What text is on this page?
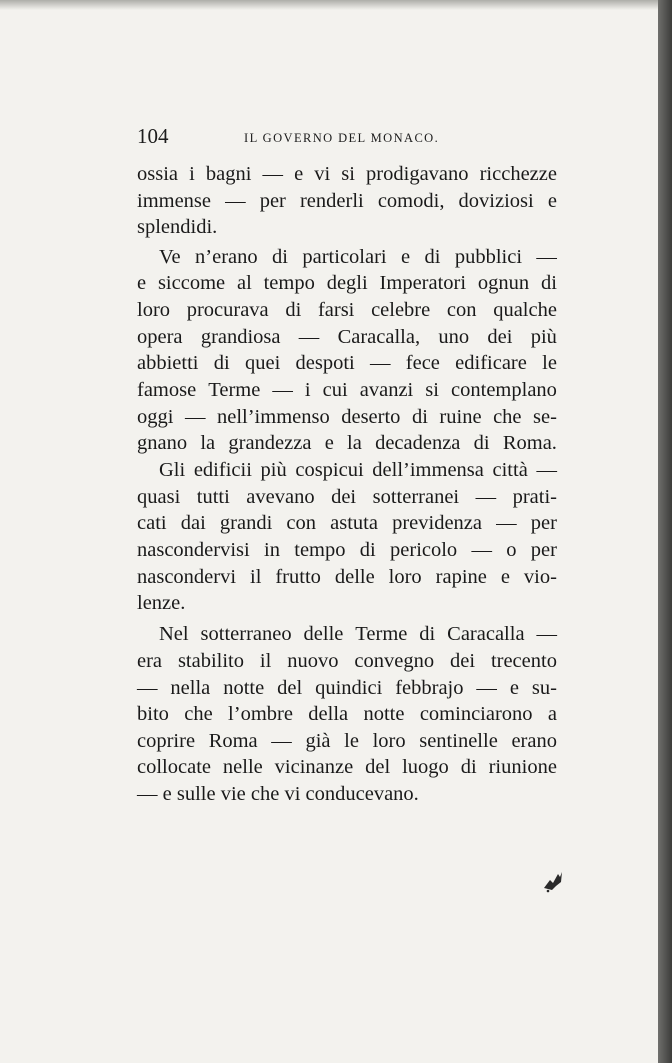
104	IL GOVERNO DEL MONACO.
ossia i bagni — e vi si prodigavano ricchezze
immense — per renderli comodi, doviziosi e
splendidi.
Ve n’erano di particolari e di pubblici —
e siccome al tempo degli Imperatori ognun di
loro procurava di farsi celebre con qualche
opera grandiosa — Caracalla, uno dei più
abbietti di quei despoti — fece edificare le
famose Terme — i cui avanzi si contemplano
oggi — nell’immenso deserto di ruine che se-
gnano la grandezza e la decadenza di Roma.
Gli edificii più cospicui dell’immensa città —
quasi tutti avevano dei sotterranei — prati-
cati dai grandi con astuta previdenza — per
nascondervisi in tempo di pericolo — o per
nascondervi il frutto delle loro rapine e vio-
lenze.
Nel sotterraneo delle Terme di Caracalla —
era stabilito il nuovo convegno dei trecento
— nella notte del quindici febbrajo — e su-
bito che l’ombre della notte cominciarono a
coprire Roma — già le loro sentinelle erano
collocate nelle vicinanze del luogo di riunione
— e sulle vie che vi conducevano.
